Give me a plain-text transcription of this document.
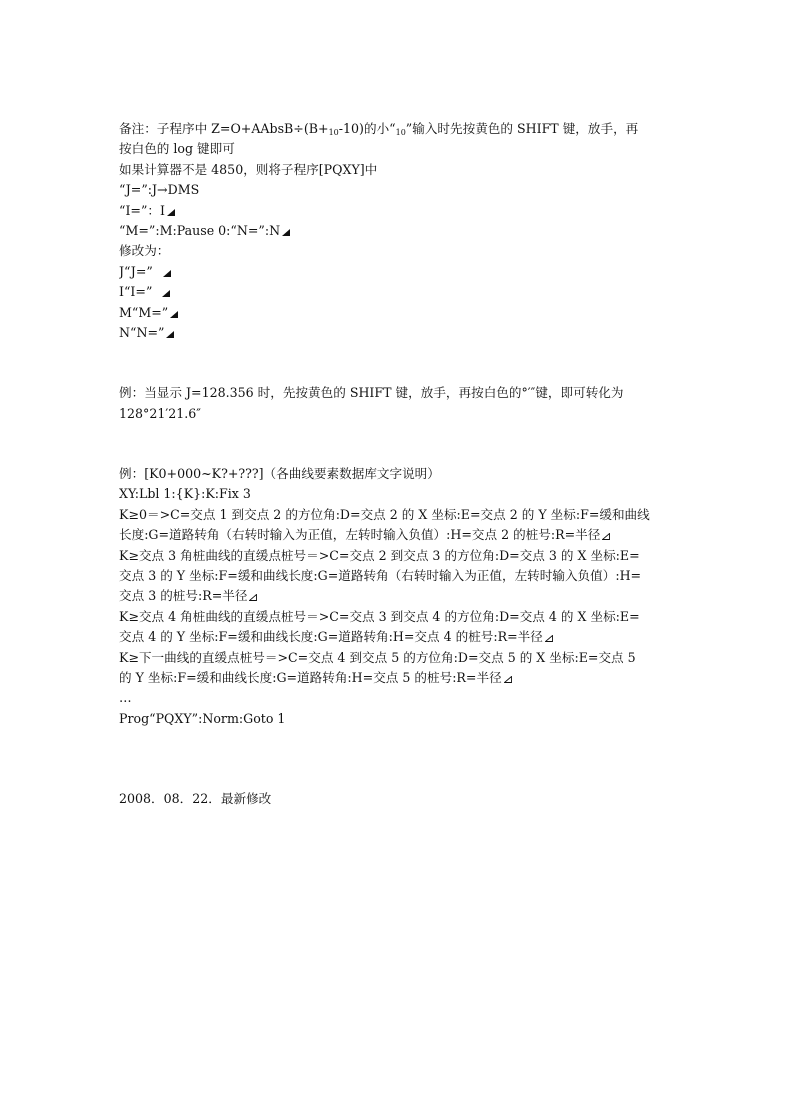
备注：子程序中 $Z=O+AAbsB\div(B+_{10}-10)$的小“$_{10}$”输入时先按黄色的 SHIFT 键，放手，再
按白色的 log 键即可
如果计算器不是 4850，则将子程序[PQXY]中
“J=”:J→DMS
“I=”：I
“M=”:M:Pause 0:“N=”:N
修改为：
J“J=”
I“I=”
M“M=”
N“N=”
例：当显示 J=128.356 时，先按黄色的 SHIFT 键，放手，再按白色的°′″键，即可转化为
128°21′21.6″
例：[K0+000~K?+???]（各曲线要素数据库文字说明）
XY:Lbl 1:{K}:K:Fix 3
K≥0＝>C=交点 1 到交点 2 的方位角:D=交点 2 的 X 坐标:E=交点 2 的 Y 坐标:F=缓和曲线
长度:G=道路转角（右转时输入为正值，左转时输入负值）:H=交点 2 的桩号:R=半径
K≥交点 3 角桩曲线的直缓点桩号＝>C=交点 2 到交点 3 的方位角:D=交点 3 的 X 坐标:E=
交点 3 的 Y 坐标:F=缓和曲线长度:G=道路转角（右转时输入为正值，左转时输入负值）:H=
交点 3 的桩号:R=半径
K≥交点 4 角桩曲线的直缓点桩号＝>C=交点 3 到交点 4 的方位角:D=交点 4 的 X 坐标:E=
交点 4 的 Y 坐标:F=缓和曲线长度:G=道路转角:H=交点 4 的桩号:R=半径
K≥下一曲线的直缓点桩号＝>C=交点 4 到交点 5 的方位角:D=交点 5 的 X 坐标:E=交点 5
的 Y 坐标:F=缓和曲线长度:G=道路转角:H=交点 5 的桩号:R=半径
…
Prog“PQXY”:Norm:Goto 1
2008．08．22．最新修改
